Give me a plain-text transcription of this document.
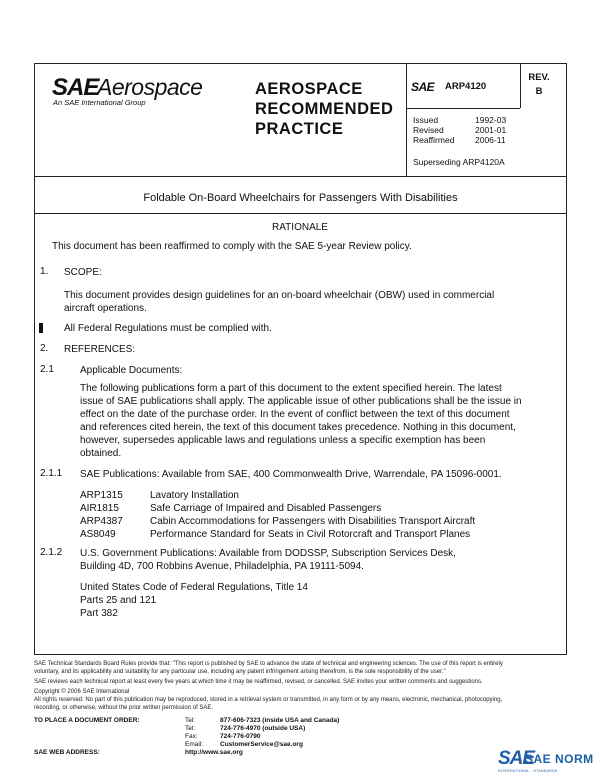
SAE
Aerospace
An SAE International Group
AEROSPACE
RECOMMENDED
PRACTICE
SAE ARP4120
REV.
B
Issued	1992-03
Revised	2001-01
Reaffirmed 2006-11
Superseding ARP4120A
Foldable On-Board Wheelchairs for Passengers With Disabilities
RATIONALE
This document has been reaffirmed to comply with the SAE 5-year Review policy.
1. SCOPE:
This document provides design guidelines for an on-board wheelchair (OBW) used in commercial
aircraft operations.
All Federal Regulations must be complied with.
2. REFERENCES:
2.1	Applicable Documents:
The following publications form a part of this document to the extent specified herein. The latest
issue of SAE publications shall apply. The applicable issue of other publications shall be the issue in
effect on the date of the purchase order. In the event of conflict between the text of this document
and references cited herein, the text of this document takes precedence. Nothing in this document,
however, supersedes applicable laws and regulations unless a specific exemption has been
obtained.
2.1.1 SAE Publications: Available from SAE, 400 Commonwealth Drive, Warrendale, PA 15096-0001.
ARP1315	Lavatory Installation
AIR1815	Safe Carriage of Impaired and Disabled Passengers
ARP4387	Cabin Accommodations for Passengers with Disabilities Transport Aircraft
AS8049	Performance Standard for Seats in Civil Rotorcraft and Transport Planes
2.1.2 U.S. Government Publications: Available from DODSSP, Subscription Services Desk,
Building 4D, 700 Robbins Avenue, Philadelphia, PA 19111-5094.
United States Code of Federal Regulations, Title 14
Parts 25 and 121
Part 382
SAE Technical Standards Board Rules provide that: "This report is published by SAE to advance the state of technical and engineering sciences. The use of this report is entirely
voluntary, and its applicability and suitability for any particular use, including any patent infringement arising therefrom, is the sole responsibility of the user."
SAE reviews each technical report at least every five years at which time it may be reaffirmed, revised, or cancelled. SAE invites your written comments and suggestions.
Copyright © 2006 SAE International
All rights reserved. No part of this publication may be reproduced, stored in a retrieval system or transmitted, in any form or by any means, electronic, mechanical, photocopying,
recording, or otherwise, without the prior written permission of SAE.
TO PLACE A DOCUMENT ORDER:
SAE WEB ADDRESS:
Tel:	877-606-7323 (inside USA and Canada)
Tel:	724-776-4970 (outside USA)
Fax:	724-776-0790
Email:	CustomerService@sae.org
http://www.sae.org	SAE
SAE NORM
INTERNATIONAL · STANDARDS
